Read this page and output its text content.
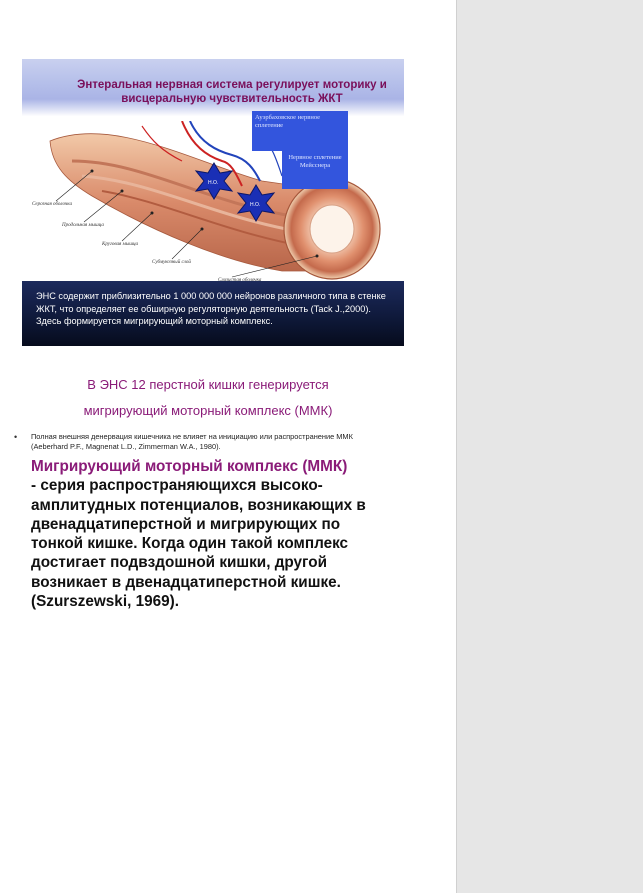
Энтеральная нервная система регулирует моторику и висцеральную чувствительность ЖКТ
Н.О.
Н.О.
Серозная оболочка
Продольная мышца
Круговая мышца
Субмукозный слой
Ауэрбаховское нервное сплетение
Нервное сплетение Мейсснера
ЭНС содержит приблизительно 1 000 000 000 нейронов различного типа в стенке ЖКТ, что определяет ее обширную регуляторную деятельность (Tack J.,2000). Здесь формируется мигрирующий моторный комплекс.
В ЭНС 12 перстной кишки генерируется
мигрирующий моторный комплекс (ММК)
• Полная внешняя денервация кишечника не влияет на инициацию или распространение ММК (Aeberhard P.F., Magnenat L.D., Zimmerman W.A., 1980).
Мигрирующий моторный комплекс (ММК)
- серия распространяющихся высоко-амплитудных потенциалов, возникающих в двенадцатиперстной и мигрирующих по тонкой кишке. Когда один такой комплекс достигает подвздошной кишки, другой возникает в двенадцатиперстной кишке. (Szurszewski, 1969).
